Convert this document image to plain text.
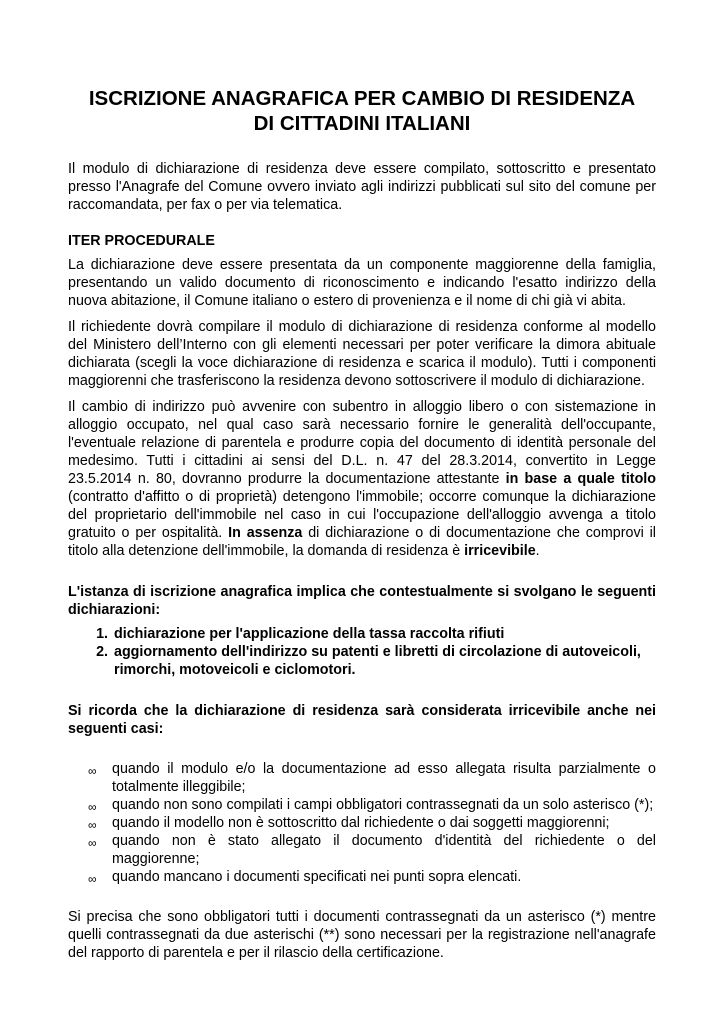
ISCRIZIONE ANAGRAFICA PER CAMBIO DI RESIDENZA
DI CITTADINI ITALIANI

Il modulo di dichiarazione di residenza deve essere compilato, sottoscritto e presentato presso l'Anagrafe del Comune ovvero inviato agli indirizzi pubblicati sul sito del comune per raccomandata, per fax o per via telematica.

ITER PROCEDURALE

La dichiarazione deve essere presentata da un componente maggiorenne della famiglia, presentando un valido documento di riconoscimento e indicando l'esatto indirizzo della nuova abitazione, il Comune italiano o estero di provenienza e il nome di chi già vi abita.

Il richiedente dovrà compilare il modulo di dichiarazione di residenza conforme al modello del Ministero dell’Interno con gli elementi necessari per poter verificare la dimora abituale dichiarata (scegli la voce dichiarazione di residenza e scarica il modulo). Tutti i componenti maggiorenni che trasferiscono la residenza devono sottoscrivere il modulo di dichiarazione.

Il cambio di indirizzo può avvenire con subentro in alloggio libero o con sistemazione in alloggio occupato, nel qual caso sarà necessario fornire le generalità dell'occupante, l'eventuale relazione di parentela e produrre copia del documento di identità personale del medesimo. Tutti i cittadini ai sensi del D.L. n. 47 del 28.3.2014, convertito in Legge 23.5.2014 n. 80, dovranno produrre la documentazione attestante in base a quale titolo (contratto d'affitto o di proprietà) detengono l'immobile; occorre comunque la dichiarazione del proprietario dell'immobile nel caso in cui l'occupazione dell'alloggio avvenga a titolo gratuito o per ospitalità. In assenza di dichiarazione o di documentazione che comprovi il titolo alla detenzione dell'immobile, la domanda di residenza è irricevibile.

L'istanza di iscrizione anagrafica implica che contestualmente si svolgano le seguenti dichiarazioni:

1. dichiarazione per l'applicazione della tassa raccolta rifiuti
2. aggiornamento dell'indirizzo su patenti e libretti di circolazione di autoveicoli, rimorchi, motoveicoli e ciclomotori.

Si ricorda che la dichiarazione di residenza sarà considerata irricevibile anche nei seguenti casi:

∞ quando il modulo e/o la documentazione ad esso allegata risulta parzialmente o totalmente illeggibile;
∞ quando non sono compilati i campi obbligatori contrassegnati da un solo asterisco (*);
∞ quando il modello non è sottoscritto dal richiedente o dai soggetti maggiorenni;
∞ quando non è stato allegato il documento d'identità del richiedente o del maggiorenne;
∞ quando mancano i documenti specificati nei punti sopra elencati.

Si precisa che sono obbligatori tutti i documenti contrassegnati da un asterisco (*) mentre quelli contrassegnati da due asterischi (**) sono necessari per la registrazione nell'anagrafe del rapporto di parentela e per il rilascio della certificazione.
